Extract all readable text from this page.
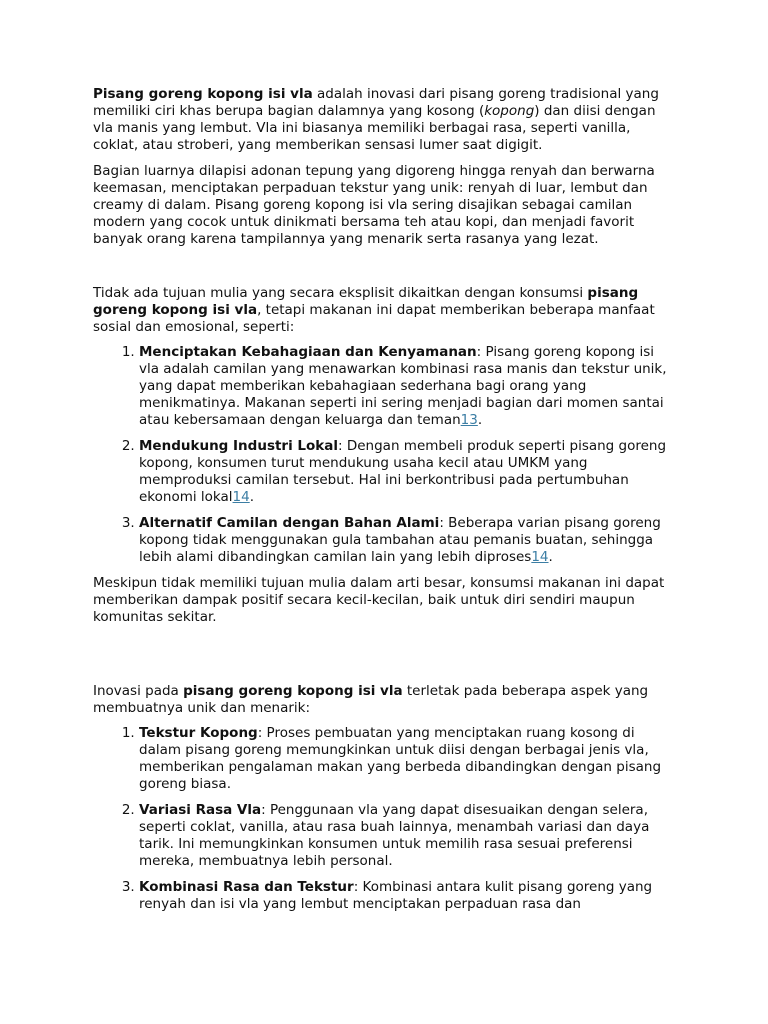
Pisang goreng kopong isi vla adalah inovasi dari pisang goreng tradisional yang memiliki ciri khas berupa bagian dalamnya yang kosong (kopong) dan diisi dengan vla manis yang lembut. Vla ini biasanya memiliki berbagai rasa, seperti vanilla, coklat, atau stroberi, yang memberikan sensasi lumer saat digigit.

Bagian luarnya dilapisi adonan tepung yang digoreng hingga renyah dan berwarna keemasan, menciptakan perpaduan tekstur yang unik: renyah di luar, lembut dan creamy di dalam. Pisang goreng kopong isi vla sering disajikan sebagai camilan modern yang cocok untuk dinikmati bersama teh atau kopi, dan menjadi favorit banyak orang karena tampilannya yang menarik serta rasanya yang lezat.

Tidak ada tujuan mulia yang secara eksplisit dikaitkan dengan konsumsi pisang goreng kopong isi vla, tetapi makanan ini dapat memberikan beberapa manfaat sosial dan emosional, seperti:

1. Menciptakan Kebahagiaan dan Kenyamanan: Pisang goreng kopong isi vla adalah camilan yang menawarkan kombinasi rasa manis dan tekstur unik, yang dapat memberikan kebahagiaan sederhana bagi orang yang menikmatinya. Makanan seperti ini sering menjadi bagian dari momen santai atau kebersamaan dengan keluarga dan teman13.
2. Mendukung Industri Lokal: Dengan membeli produk seperti pisang goreng kopong, konsumen turut mendukung usaha kecil atau UMKM yang memproduksi camilan tersebut. Hal ini berkontribusi pada pertumbuhan ekonomi lokal14.
3. Alternatif Camilan dengan Bahan Alami: Beberapa varian pisang goreng kopong tidak menggunakan gula tambahan atau pemanis buatan, sehingga lebih alami dibandingkan camilan lain yang lebih diproses14.

Meskipun tidak memiliki tujuan mulia dalam arti besar, konsumsi makanan ini dapat memberikan dampak positif secara kecil-kecilan, baik untuk diri sendiri maupun komunitas sekitar.

Inovasi pada pisang goreng kopong isi vla terletak pada beberapa aspek yang membuatnya unik dan menarik:

1. Tekstur Kopong: Proses pembuatan yang menciptakan ruang kosong di dalam pisang goreng memungkinkan untuk diisi dengan berbagai jenis vla, memberikan pengalaman makan yang berbeda dibandingkan dengan pisang goreng biasa.
2. Variasi Rasa Vla: Penggunaan vla yang dapat disesuaikan dengan selera, seperti coklat, vanilla, atau rasa buah lainnya, menambah variasi dan daya tarik. Ini memungkinkan konsumen untuk memilih rasa sesuai preferensi mereka, membuatnya lebih personal.
3. Kombinasi Rasa dan Tekstur: Kombinasi antara kulit pisang goreng yang renyah dan isi vla yang lembut menciptakan perpaduan rasa dan
